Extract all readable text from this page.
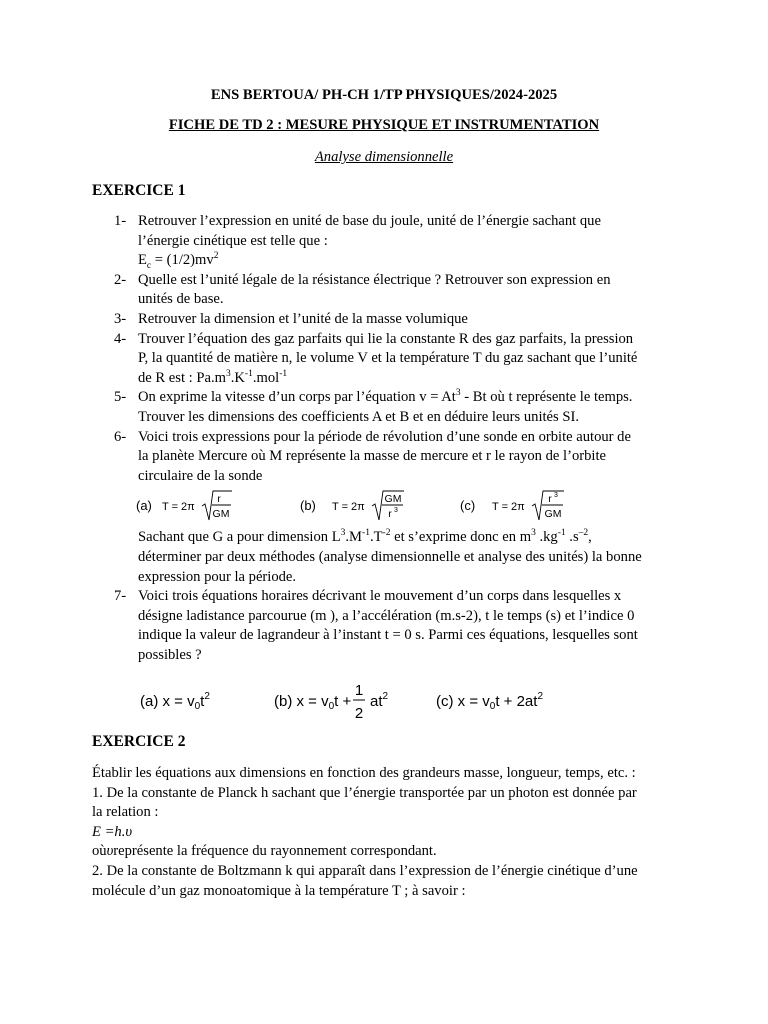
ENS BERTOUA/ PH-CH 1/TP PHYSIQUES/2024-2025
FICHE DE TD 2 : MESURE PHYSIQUE ET INSTRUMENTATION
Analyse dimensionnelle
EXERCICE 1
1- Retrouver l’expression en unité de base du joule, unité de l’énergie sachant que
l’énergie cinétique est telle que :
$E_c = (1/2)mv^2$
2- Quelle est l’unité légale de la résistance électrique ? Retrouver son expression en
unités de base.
3- Retrouver la dimension et l’unité de la masse volumique
4- Trouver l’équation des gaz parfaits qui lie la constante R des gaz parfaits, la pression
P, la quantité de matière n, le volume V et la température T du gaz sachant que l’unité
de R est : $Pa.m^3.K^{-1}.mol^{-1}$
5- On exprime la vitesse d’un corps par l’équation $v = At^3 - Bt$ où t représente le temps.
Trouver les dimensions des coefficients A et B et en déduire leurs unités SI.
6- Voici trois expressions pour la période de révolution d’une sonde en orbite autour de
la planète Mercure où M représente la masse de mercure et r le rayon de l’orbite
circulaire de la sonde
(a) T = 2π
r
GM
(b) T = 2π
GM
r 3	(c) T = 2π
r 3
GM
Sachant que G a pour dimension $L^3.M^{-1}.T^{-2}$ et s’exprime donc en $m^3$ $.kg^{-1}$ $.s^{-2}$,
déterminer par deux méthodes (analyse dimensionnelle et analyse des unités) la bonne
expression pour la période.
7- Voici trois équations horaires décrivant le mouvement d’un corps dans lesquelles x
désigne ladistance parcourue (m ), a l’accélération (m.s-2), t le temps (s) et l’indice 0
indique la valeur de lagrandeur à l’instant t = 0 s. Parmi ces équations, lesquelles sont
possibles ?
(a) $x = v_0t^2$	(b) $x = v_0t$ +
1
2
$at^2$	(c) $x = v_0t + 2at^2$
EXERCICE 2
Établir les équations aux dimensions en fonction des grandeurs masse, longueur, temps, etc. :
1. De la constante de Planck h sachant que l’énergie transportée par un photon est donnée par
la relation :
E =h.υ
oùυreprésente la fréquence du rayonnement correspondant.
2. De la constante de Boltzmann k qui apparaît dans l’expression de l’énergie cinétique d’une
molécule d’un gaz monoatomique à la température T ; à savoir :
